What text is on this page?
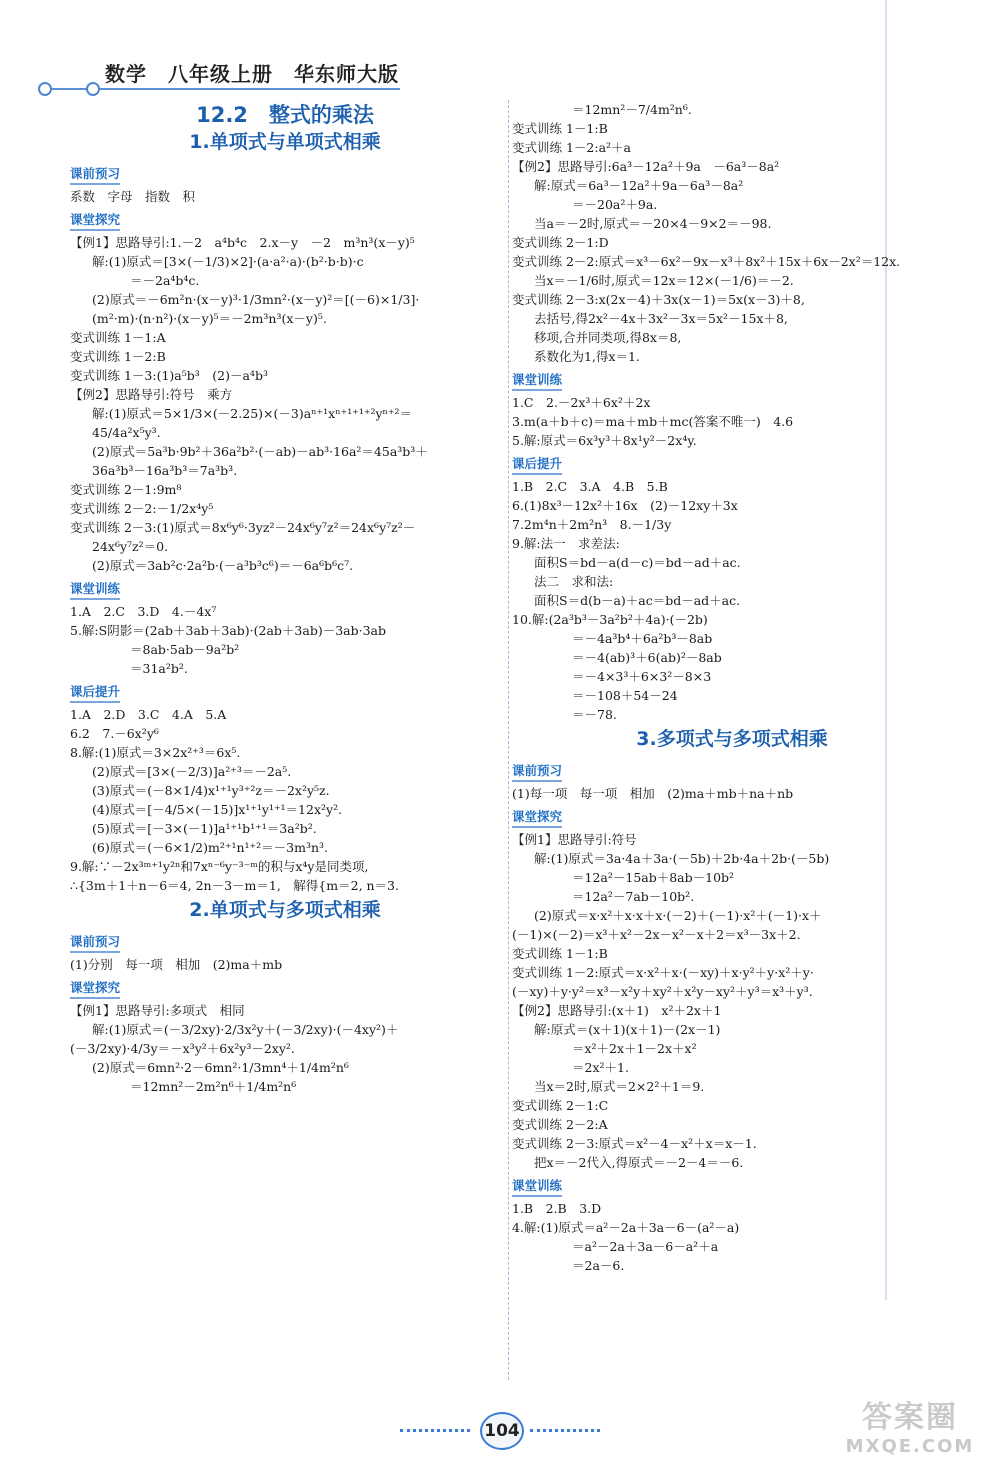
数学　八年级上册　华东师大版
12.2　整式的乘法
1.单项式与单项式相乘
课前预习
系数　字母　指数　积
课堂探究
【例1】思路导引:1.－2　a⁴b⁴c　2.x－y　－2　m³n³(x－y)⁵
解:(1)原式＝[3×(－1/3)×2]·(a·a²·a)·(b²·b·b)·c
＝－2a⁴b⁴c.
(2)原式＝－6m²n·(x－y)³·1/3mn²·(x－y)²＝[(－6)×1/3]·
(m²·m)·(n·n²)·(x－y)⁵＝－2m³n³(x－y)⁵.
变式训练 1－1:A
变式训练 1－2:B
变式训练 1－3:(1)a⁵b³　(2)－a⁴b³
【例2】思路导引:符号　乘方
解:(1)原式＝5×1/3×(－2.25)×(－3)aⁿ⁺¹xⁿ⁺¹⁺¹⁺²yⁿ⁺²＝
45/4a²x⁵y³.
(2)原式＝5a³b·9b²＋36a²b²·(－ab)－ab³·16a²＝45a³b³＋
36a³b³－16a³b³＝7a³b³.
变式训练 2－1:9m⁸
变式训练 2－2:－1/2x⁴y⁵
变式训练 2－3:(1)原式＝8x⁶y⁶·3yz²－24x⁶y⁷z²＝24x⁶y⁷z²－
24x⁶y⁷z²＝0.
(2)原式＝3ab²c·2a²b·(－a³b³c⁶)＝－6a⁶b⁶c⁷.
课堂训练
1.A　2.C　3.D　4.－4x⁷
5.解:S阴影＝(2ab＋3ab＋3ab)·(2ab＋3ab)－3ab·3ab
＝8ab·5ab－9a²b²
＝31a²b².
课后提升
1.A　2.D　3.C　4.A　5.A
6.2　7.－6x²y⁶
8.解:(1)原式＝3×2x²⁺³＝6x⁵.
(2)原式＝[3×(－2/3)]a²⁺³＝－2a⁵.
(3)原式＝(－8×1/4)x¹⁺¹y³⁺²z＝－2x²y⁵z.
(4)原式＝[－4/5×(－15)]x¹⁺¹y¹⁺¹＝12x²y².
(5)原式＝[－3×(－1)]a¹⁺¹b¹⁺¹＝3a²b².
(6)原式＝(－6×1/2)m²⁺¹n¹⁺²＝－3m³n³.
9.解:∵－2x³ᵐ⁺¹y²ⁿ和7xⁿ⁻⁶y⁻³⁻ᵐ的积与x⁴y是同类项,
∴{3m＋1＋n－6＝4, 2n－3－m＝1,　解得{m＝2, n＝3.
2.单项式与多项式相乘
课前预习
(1)分别　每一项　相加　(2)ma＋mb
课堂探究
【例1】思路导引:多项式　相同
解:(1)原式＝(－3/2xy)·2/3x²y＋(－3/2xy)·(－4xy²)＋
(－3/2xy)·4/3y＝－x³y²＋6x²y³－2xy².
(2)原式＝6mn²·2－6mn²·1/3mn⁴＋1/4m²n⁶
＝12mn²－2m²n⁶＋1/4m²n⁶
＝12mn²－7/4m²n⁶.
变式训练 1－1:B
变式训练 1－2:a²＋a
【例2】思路导引:6a³－12a²＋9a　－6a³－8a²
解:原式＝6a³－12a²＋9a－6a³－8a²
＝－20a²＋9a.
当a＝－2时,原式＝－20×4－9×2＝－98.
变式训练 2－1:D
变式训练 2－2:原式＝x³－6x²－9x－x³＋8x²＋15x＋6x－2x²＝12x.
当x＝－1/6时,原式＝12x＝12×(－1/6)＝－2.
变式训练 2－3:x(2x－4)＋3x(x－1)＝5x(x－3)＋8,
去括号,得2x²－4x＋3x²－3x＝5x²－15x＋8,
移项,合并同类项,得8x＝8,
系数化为1,得x＝1.
课堂训练
1.C　2.－2x³＋6x²＋2x
3.m(a＋b＋c)＝ma＋mb＋mc(答案不唯一)　4.6
5.解:原式＝6x³y³＋8x¹y²－2x⁴y.
课后提升
1.B　2.C　3.A　4.B　5.B
6.(1)8x³－12x²＋16x　(2)－12xy＋3x
7.2m⁴n＋2m²n³　8.－1/3y
9.解:法一　求差法:
面积S＝bd－a(d－c)＝bd－ad＋ac.
法二　求和法:
面积S＝d(b－a)＋ac＝bd－ad＋ac.
10.解:(2a³b³－3a²b²＋4a)·(－2b)
＝－4a³b⁴＋6a²b³－8ab
＝－4(ab)³＋6(ab)²－8ab
＝－4×3³＋6×3²－8×3
＝－108＋54－24
＝－78.
3.多项式与多项式相乘
课前预习
(1)每一项　每一项　相加　(2)ma＋mb＋na＋nb
课堂探究
【例1】思路导引:符号
解:(1)原式＝3a·4a＋3a·(－5b)＋2b·4a＋2b·(－5b)
＝12a²－15ab＋8ab－10b²
＝12a²－7ab－10b².
(2)原式＝x·x²＋x·x＋x·(－2)＋(－1)·x²＋(－1)·x＋
(－1)×(－2)＝x³＋x²－2x－x²－x＋2＝x³－3x＋2.
变式训练 1－1:B
变式训练 1－2:原式＝x·x²＋x·(－xy)＋x·y²＋y·x²＋y·
(－xy)＋y·y²＝x³－x²y＋xy²＋x²y－xy²＋y³＝x³＋y³.
【例2】思路导引:(x＋1)　x²＋2x＋1
解:原式＝(x＋1)(x＋1)－(2x－1)
＝x²＋2x＋1－2x＋x²
＝2x²＋1.
当x＝2时,原式＝2×2²＋1＝9.
变式训练 2－1:C
变式训练 2－2:A
变式训练 2－3:原式＝x²－4－x²＋x＝x－1.
把x＝－2代入,得原式＝－2－4＝－6.
课堂训练
1.B　2.B　3.D
4.解:(1)原式＝a²－2a＋3a－6－(a²－a)
＝a²－2a＋3a－6－a²＋a
＝2a－6.
104	答案圈
MXQE.COM
